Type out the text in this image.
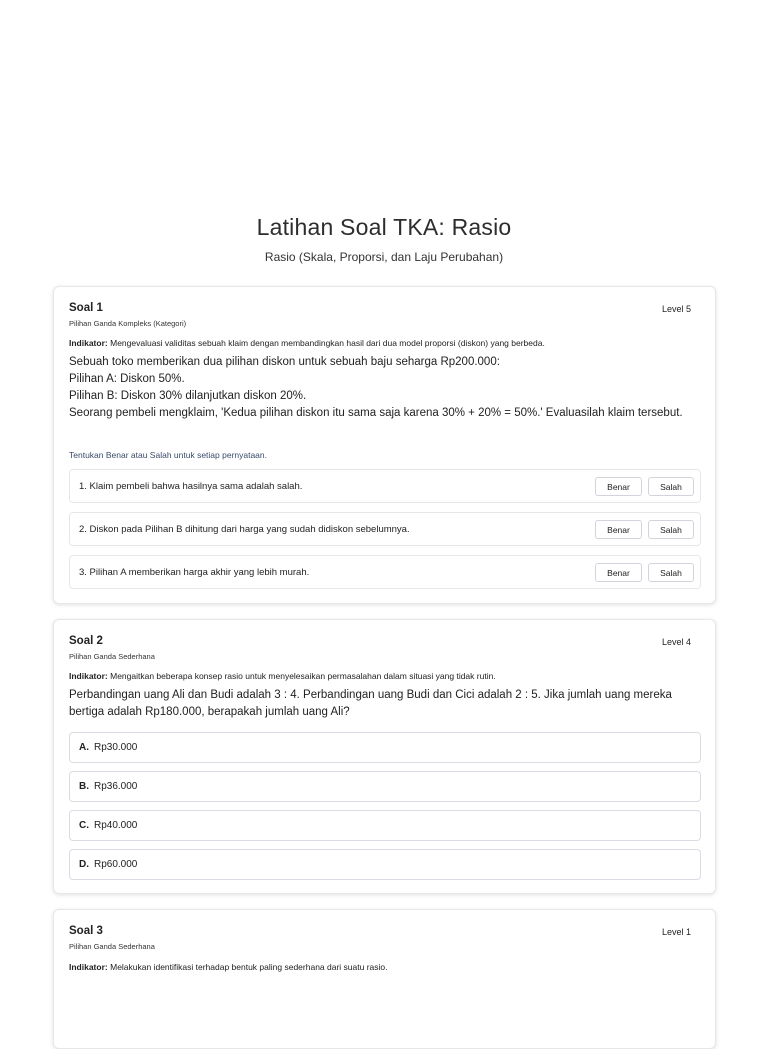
Latihan Soal TKA: Rasio
Rasio (Skala, Proporsi, dan Laju Perubahan)
Soal 1
Pilihan Ganda Kompleks (Kategori)
Level 5
Indikator: Mengevaluasi validitas sebuah klaim dengan membandingkan hasil dari dua model proporsi (diskon) yang berbeda.
Sebuah toko memberikan dua pilihan diskon untuk sebuah baju seharga Rp200.000:
Pilihan A: Diskon 50%.
Pilihan B: Diskon 30% dilanjutkan diskon 20%.
Seorang pembeli mengklaim, 'Kedua pilihan diskon itu sama saja karena 30% + 20% = 50%.' Evaluasilah klaim tersebut.
Tentukan Benar atau Salah untuk setiap pernyataan.
1. Klaim pembeli bahwa hasilnya sama adalah salah.	Benar	Salah
2. Diskon pada Pilihan B dihitung dari harga yang sudah didiskon sebelumnya.	Benar	Salah
3. Pilihan A memberikan harga akhir yang lebih murah.	Benar	Salah
Soal 2
Pilihan Ganda Sederhana
Level 4
Indikator: Mengaitkan beberapa konsep rasio untuk menyelesaikan permasalahan dalam situasi yang tidak rutin.
Perbandingan uang Ali dan Budi adalah 3 : 4. Perbandingan uang Budi dan Cici adalah 2 : 5. Jika jumlah uang mereka bertiga adalah Rp180.000, berapakah jumlah uang Ali?
A. Rp30.000
B. Rp36.000
C. Rp40.000
D. Rp60.000
Soal 3
Pilihan Ganda Sederhana
Level 1
Indikator: Melakukan identifikasi terhadap bentuk paling sederhana dari suatu rasio.
